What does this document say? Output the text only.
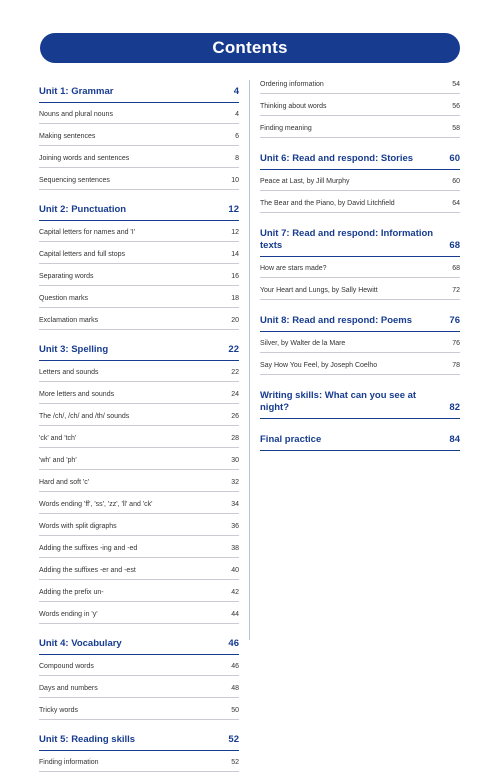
Contents
Unit 1: Grammar	4
Nouns and plural nouns	4
Making sentences	6
Joining words and sentences	8
Sequencing sentences	10
Unit 2: Punctuation	12
Capital letters for names and 'I'	12
Capital letters and full stops	14
Separating words	16
Question marks	18
Exclamation marks	20
Unit 3: Spelling	22
Letters and sounds	22
More letters and sounds	24
The /ch/, /ch/ and /th/ sounds	26
'ck' and 'tch'	28
'wh' and 'ph'	30
Hard and soft 'c'	32
Words ending 'ff', 'ss', 'zz', 'll' and 'ck'	34
Words with split digraphs	36
Adding the suffixes -ing and -ed	38
Adding the suffixes -er and -est	40
Adding the prefix un-	42
Words ending in 'y'	44
Unit 4: Vocabulary	46
Compound words	46
Days and numbers	48
Tricky words	50
Unit 5: Reading skills	52
Finding information	52
Ordering information	54
Thinking about words	56
Finding meaning	58
Unit 6: Read and respond: Stories	60
Peace at Last, by Jill Murphy	60
The Bear and the Piano, by David Litchfield	64
Unit 7: Read and respond: Information texts	68
How are stars made?	68
Your Heart and Lungs, by Sally Hewitt	72
Unit 8: Read and respond: Poems	76
Silver, by Walter de la Mare	76
Say How You Feel, by Joseph Coelho	78
Writing skills: What can you see at night?	82
Final practice	84
